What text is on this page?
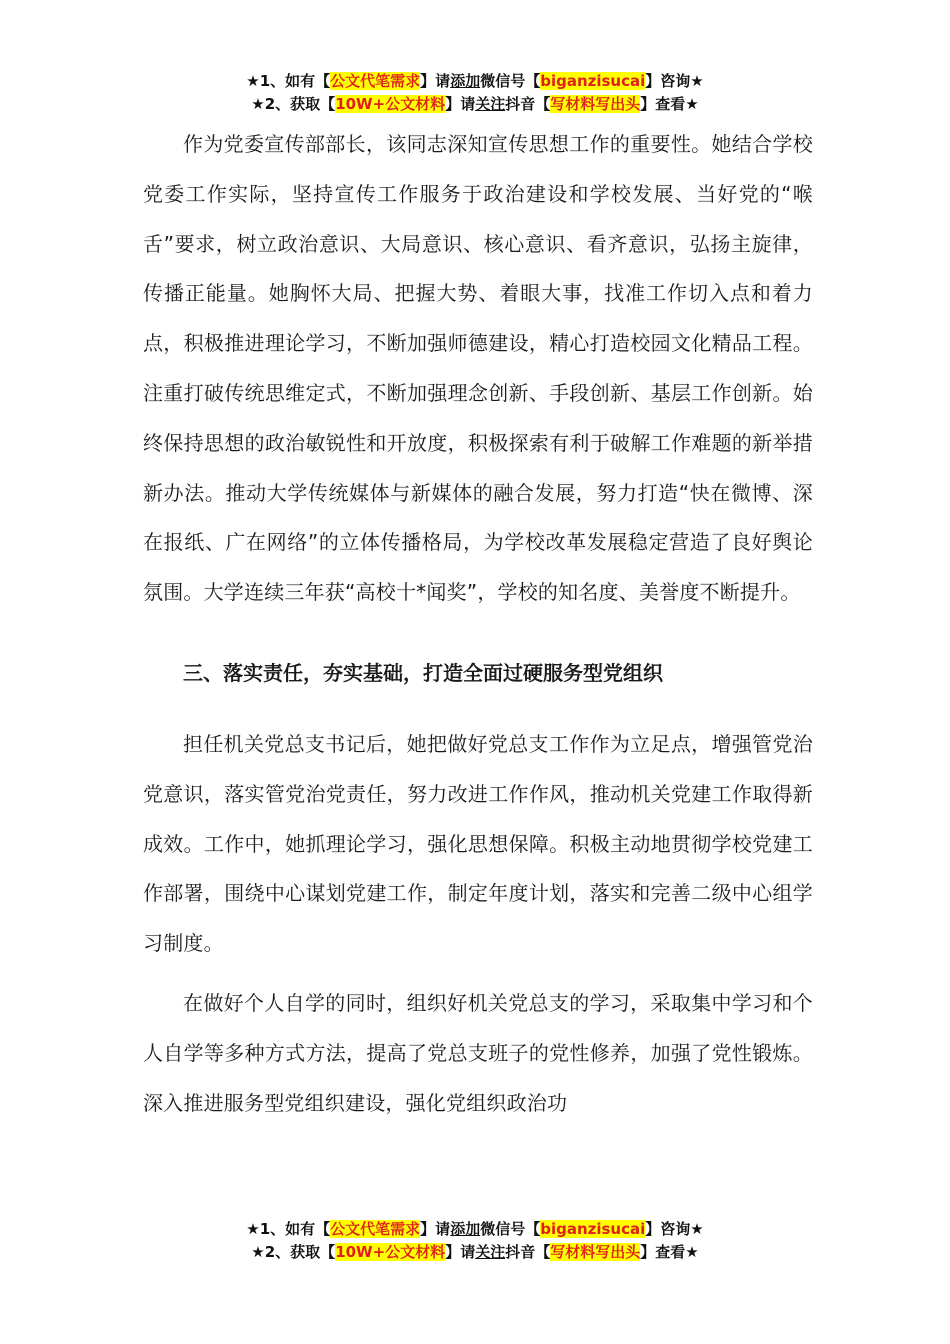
★1、如有【公文代笔需求】请添加微信号【biganzisucai】咨询★
★2、获取【10W+公文材料】请关注抖音【写材料写出头】查看★

作为党委宣传部部长，该同志深知宣传思想工作的重要性。她结合学校党委工作实际，坚持宣传工作服务于政治建设和学校发展、当好党的“喉舌”要求，树立政治意识、大局意识、核心意识、看齐意识，弘扬主旋律，传播正能量。她胸怀大局、把握大势、着眼大事，找准工作切入点和着力点，积极推进理论学习，不断加强师德建设，精心打造校园文化精品工程。注重打破传统思维定式，不断加强理念创新、手段创新、基层工作创新。始终保持思想的政治敏锐性和开放度，积极探索有利于破解工作难题的新举措新办法。推动大学传统媒体与新媒体的融合发展，努力打造“快在微博、深在报纸、广在网络”的立体传播格局，为学校改革发展稳定营造了良好舆论氛围。大学连续三年获“高校十*闻奖”，学校的知名度、美誉度不断提升。

三、落实责任，夯实基础，打造全面过硬服务型党组织

担任机关党总支书记后，她把做好党总支工作作为立足点，增强管党治党意识，落实管党治党责任，努力改进工作作风，推动机关党建工作取得新成效。工作中，她抓理论学习，强化思想保障。积极主动地贯彻学校党建工作部署，围绕中心谋划党建工作，制定年度计划，落实和完善二级中心组学习制度。

在做好个人自学的同时，组织好机关党总支的学习，采取集中学习和个人自学等多种方式方法，提高了党总支班子的党性修养，加强了党性锻炼。深入推进服务型党组织建设，强化党组织政治功

★1、如有【公文代笔需求】请添加微信号【biganzisucai】咨询★
★2、获取【10W+公文材料】请关注抖音【写材料写出头】查看★
